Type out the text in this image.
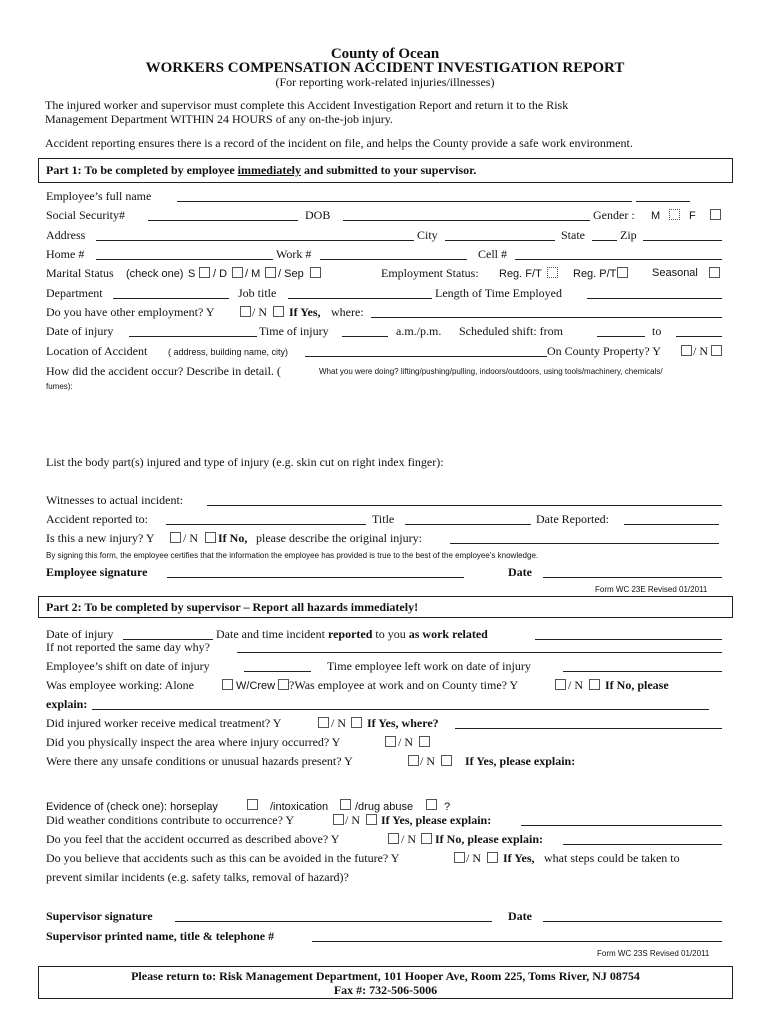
County of Ocean
WORKERS COMPENSATION ACCIDENT INVESTIGATION REPORT
(For reporting work-related injuries/illnesses)
The injured worker and supervisor must complete this Accident Investigation Report and return it to the Risk
Management Department WITHIN 24 HOURS of any on-the-job injury.
Accident reporting ensures there is a record of the incident on file, and helps the County provide a safe work environment.
Part 1: To be completed by employee immediately and submitted to your supervisor.
Employee’s full name
Social Security#	DOB	Gender : M	F
Address	City	State	Zip
Home #	Work #	Cell #
Marital Status (check one) S / D / M / Sep	Employment Status: Reg. F/T	Reg. P/T	Seasonal
Department	Job title	Length of Time Employed
Do you have other employment? Y	/ N If Yes, where:
Date of injury	Time of injury	a.m./p.m. Scheduled shift: from	to
Location of Accident ( address, building name, city)	On County Property? Y	/ N
How did the accident occur? Describe in detail. (	What you were doing? lifting/pushing/pulling, indoors/outdoors, using tools/machinery, chemicals/
fumes):
List the body part(s) injured and type of injury (e.g. skin cut on right index finger):
Witnesses to actual incident:
Accident reported to:	Title	Date Reported:
Is this a new injury? Y / N If No, please describe the original injury:
By signing this form, the employee certifies that the information the employee has provided is true to the best of the employee’s knowledge.
Employee signature	Date
Form WC 23E Revised 01/2011
Part 2: To be completed by supervisor – Report all hazards immediately!
Date of injury	Date and time incident reported to you as work related
If not reported the same day why?
Employee’s shift on date of injury	Time employee left work on date of injury
Was employee working: Alone	W/Crew ?Was employee at work and on County time? Y	/ N If No, please
explain:
Did injured worker receive medical treatment? Y	/ N If Yes, where?
Did you physically inspect the area where injury occurred? Y	/ N
Were there any unsafe conditions or unusual hazards present? Y	/ N	If Yes, please explain:
Evidence of (check one): horseplay	/intoxication /drug abuse	?
Did weather conditions contribute to occurrence? Y	/ N If Yes, please explain:
Do you feel that the accident occurred as described above? Y	/ N If No, please explain:
Do you believe that accidents such as this can be avoided in the future? Y	/ N If Yes, what steps could be taken to
prevent similar incidents (e.g. safety talks, removal of hazard)?
Supervisor signature	Date
Supervisor printed name, title & telephone #
Form WC 23S Revised 01/2011
Please return to: Risk Management Department, 101 Hooper Ave, Room 225, Toms River, NJ 08754
Fax #: 732-506-5006
